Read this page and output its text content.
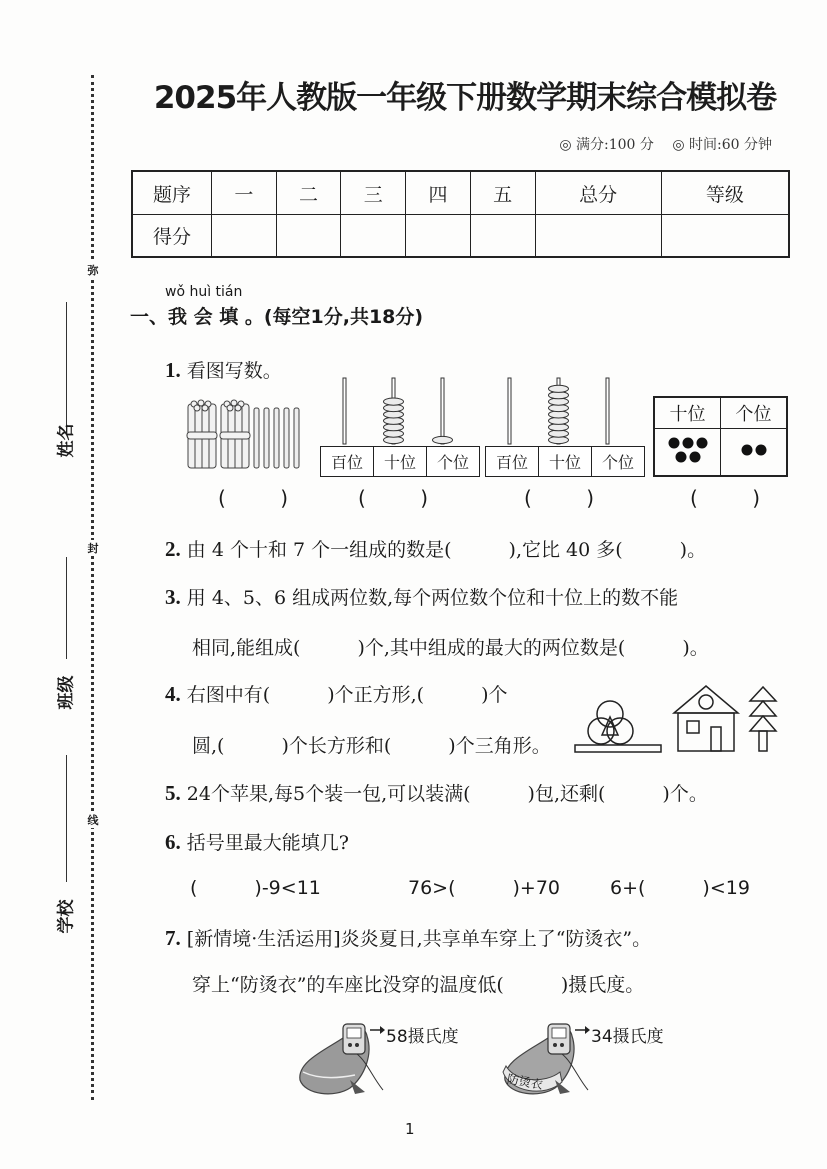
2025年人教版一年级下册数学期末综合模拟卷
◎ 满分:100 分 ◎ 时间:60 分钟
题序	一	二	三	四	五	总分	等级
得分							
弥
封
线
姓名
班级
学校
wǒ huì tián
一、我 会 填 。(每空1分,共18分)
1. 看图写数。
(	)
百位	十位	个位
(	)
百位	十位	个位
(	)
十位	个位

(	)
2. 由 4 个十和 7 个一组成的数是(　　　),它比 40 多(　　　)。
3. 用 4、5、6 组成两位数,每个两位数个位和十位上的数不能
相同,能组成(　　　)个,其中组成的最大的两位数是(　　　)。
4. 右图中有(　　　)个正方形,(　　　)个
圆,(　　　)个长方形和(　　　)个三角形。
5. 24个苹果,每5个装一包,可以装满(　　　)包,还剩(　　　)个。
6. 括号里最大能填几?
(　　　)-9<11	76>(　　　)+70	6+(　　　)<19
7. [新情境·生活运用]炎炎夏日,共享单车穿上了“防烫衣”。
穿上“防烫衣”的车座比没穿的温度低(　　　)摄氏度。
58摄氏度
防烫衣
34摄氏度
1
